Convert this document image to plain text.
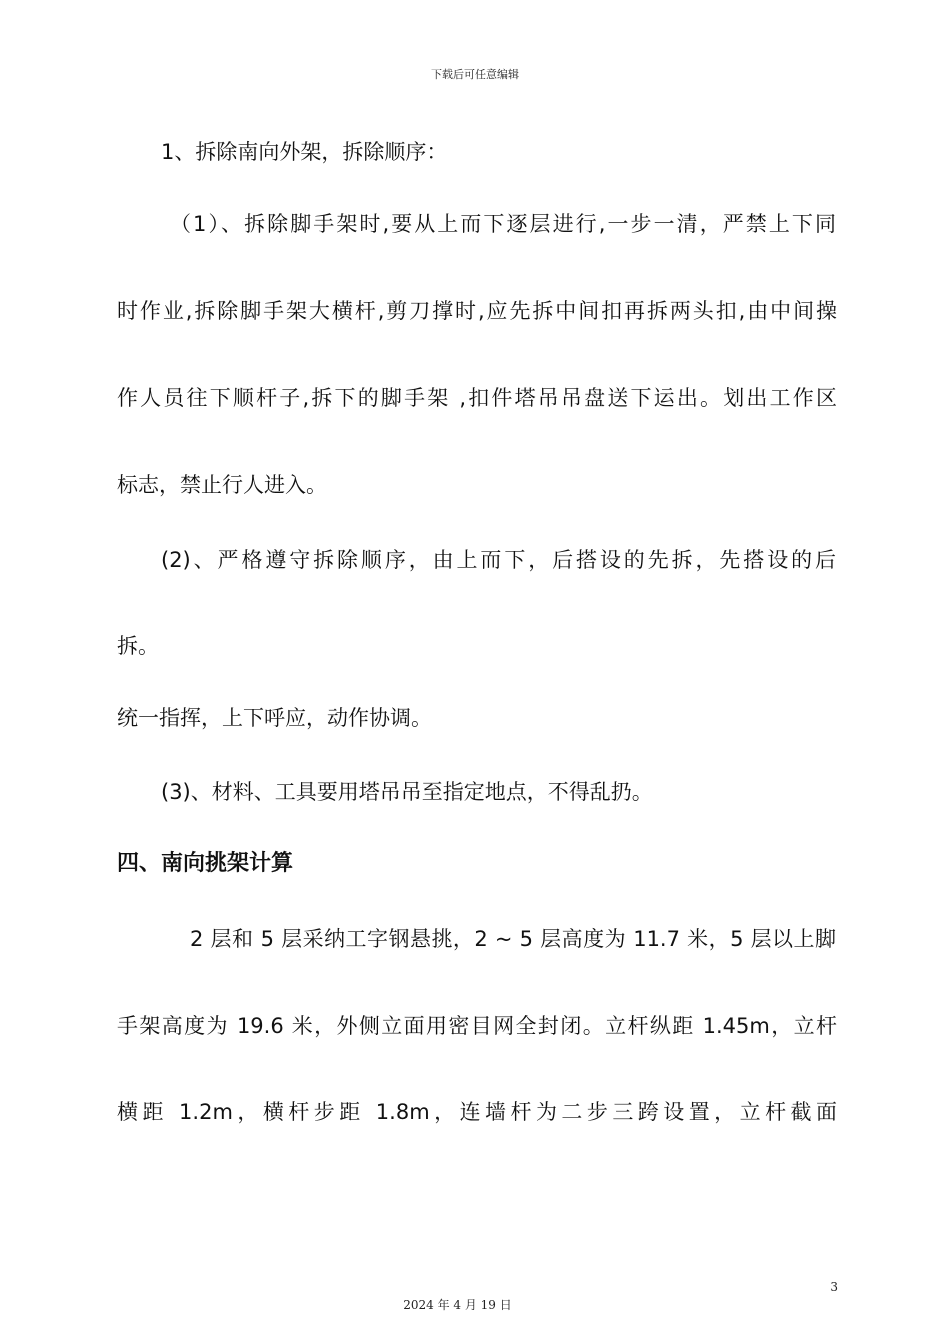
下载后可任意编辑
1、拆除南向外架，拆除顺序：
（1）、拆除脚手架时,要从上而下逐层进行,一步一清，严禁上下同
时作业,拆除脚手架大横杆,剪刀撑时,应先拆中间扣再拆两头扣,由中间操
作人员往下顺杆子,拆下的脚手架 ,扣件塔吊吊盘送下运出。划出工作区
标志，禁止行人进入。
(2)、严格遵守拆除顺序，由上而下，后搭设的先拆，先搭设的后
拆。
统一指挥，上下呼应，动作协调。
(3)、材料、工具要用塔吊吊至指定地点，不得乱扔。
四、南向挑架计算
2 层和 5 层采纳工字钢悬挑，2 ~ 5 层高度为 11.7 米，5 层以上脚
手架高度为 19.6 米，外侧立面用密目网全封闭。立杆纵距 1.45m，立杆
横距 1.2m，横杆步距 1.8m，连墙杆为二步三跨设置，立杆截面
3
2024 年 4 月 19 日
